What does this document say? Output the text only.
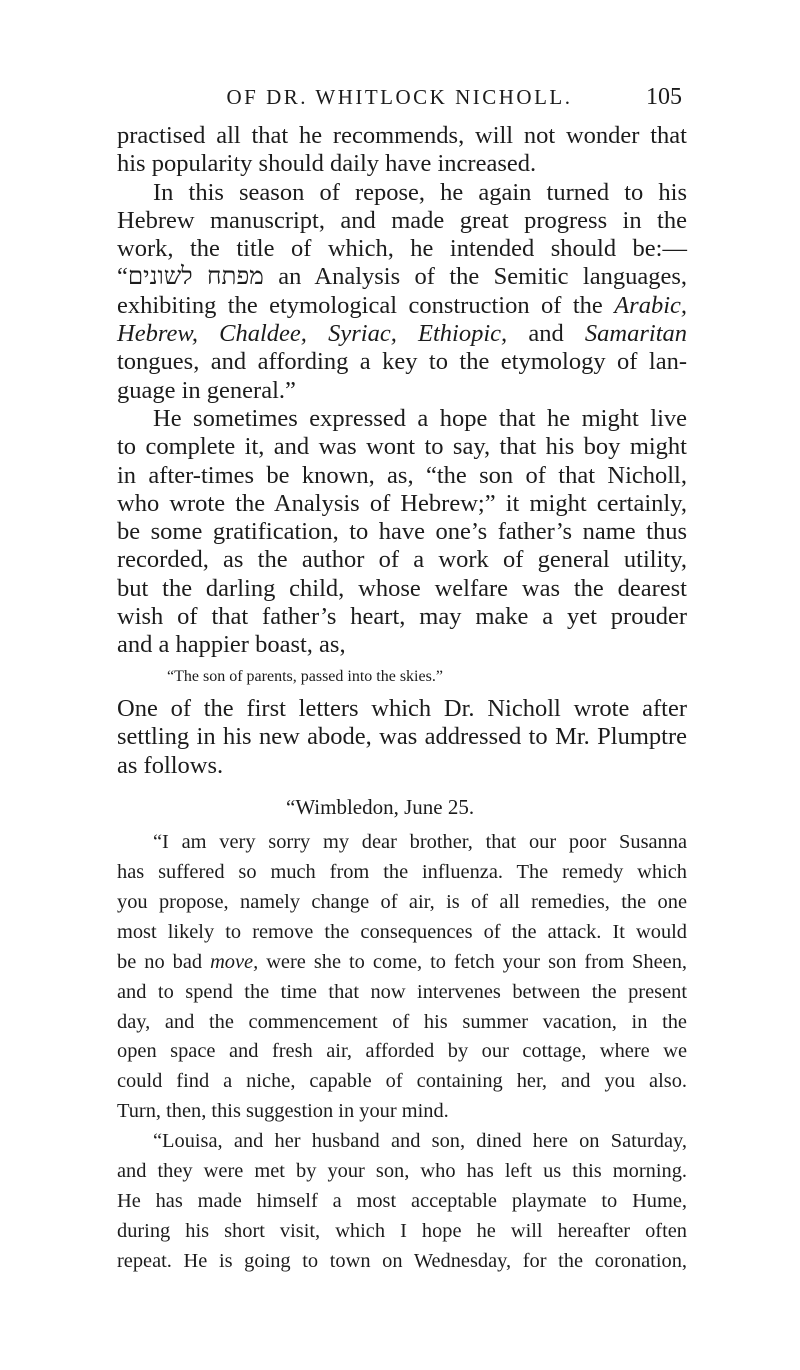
OF DR. WHITLOCK NICHOLL.	105
practised all that he recommends, will not wonder that
his popularity should daily have increased.
In this season of repose, he again turned to his
Hebrew manuscript, and made great progress in the
work, the title of which, he intended should be:—
“מפתח לשונים an Analysis of the Semitic languages,
exhibiting the etymological construction of the Arabic,
Hebrew, Chaldee, Syriac, Ethiopic, and Samaritan
tongues, and affording a key to the etymology of lan-
guage in general.”
He sometimes expressed a hope that he might live
to complete it, and was wont to say, that his boy might
in after-times be known, as, “the son of that Nicholl,
who wrote the Analysis of Hebrew;” it might certainly,
be some gratification, to have one’s father’s name thus
recorded, as the author of a work of general utility,
but the darling child, whose welfare was the dearest
wish of that father’s heart, may make a yet prouder
and a happier boast, as,
“The son of parents, passed into the skies.”
One of the first letters which Dr. Nicholl wrote after
settling in his new abode, was addressed to Mr. Plumptre
as follows.
“Wimbledon, June 25.
“I am very sorry my dear brother, that our poor Susanna
has suffered so much from the influenza. The remedy which
you propose, namely change of air, is of all remedies, the one
most likely to remove the consequences of the attack. It would
be no bad move, were she to come, to fetch your son from Sheen,
and to spend the time that now intervenes between the present
day, and the commencement of his summer vacation, in the
open space and fresh air, afforded by our cottage, where we
could find a niche, capable of containing her, and you also.
Turn, then, this suggestion in your mind.
“Louisa, and her husband and son, dined here on Saturday,
and they were met by your son, who has left us this morning.
He has made himself a most acceptable playmate to Hume,
during his short visit, which I hope he will hereafter often
repeat. He is going to town on Wednesday, for the coronation,
